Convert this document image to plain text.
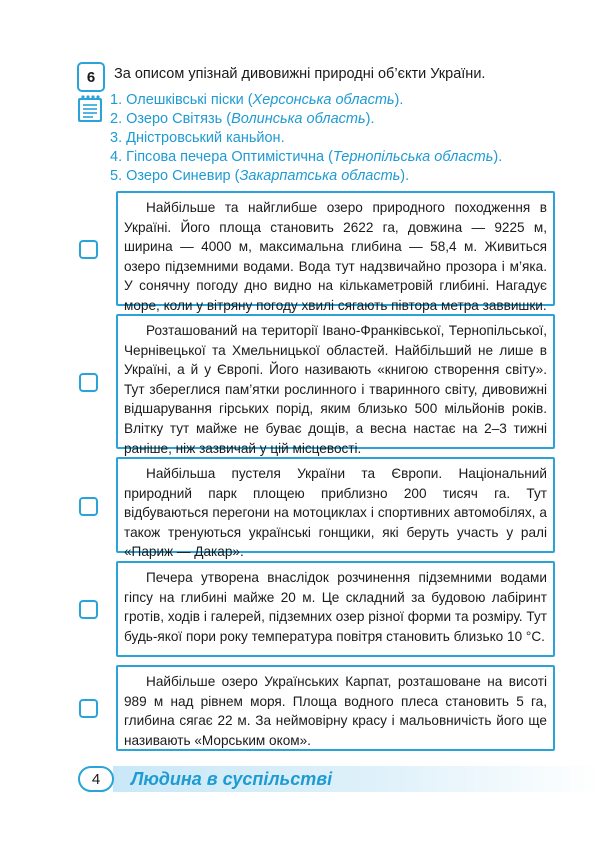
6 За описом упізнай дивовижні природні об’єкти України.
1. Олешківські піски (Херсонська область).
2. Озеро Світязь (Волинська область).
3. Дністровський каньйон.
4. Гіпсова печера Оптимістична (Тернопільська область).
5. Озеро Синевир (Закарпатська область).

Найбільше та найглибше озеро природного походження в Україні. Його площа становить 2622 га, довжина — 9225 м, ширина — 4000 м, максимальна глибина — 58,4 м. Живиться озеро підземними водами. Вода тут надзвичайно прозора і м’яка. У сонячну погоду дно видно на кількаметровій глибині. Нагадує море, коли у вітряну погоду хвилі сягають півтора метра заввишки.

Розташований на території Івано-Франківської, Тернопільської, Чернівецької та Хмельницької областей. Найбільший не лише в Україні, а й у Європі. Його називають «книгою створення світу». Тут збереглися пам’ятки рослинного і тваринного світу, дивовижні відшарування гірських порід, яким близько 500 мільйонів років. Влітку тут майже не буває дощів, а весна настає на 2–3 тижні раніше, ніж зазвичай у цій місцевості.

Найбільша пустеля України та Європи. Національний природний парк площею приблизно 200 тисяч га. Тут відбуваються перегони на мотоциклах і спортивних автомобілях, а також тренуються українські гонщики, які беруть участь у ралі «Париж — Дакар».

Печера утворена внаслідок розчинення підземними водами гіпсу на глибині майже 20 м. Це складний за будовою лабіринт гротів, ходів і галерей, підземних озер різної форми та розміру. Тут будь-якої пори року температура повітря становить близько 10 °С.

Найбільше озеро Українських Карпат, розташоване на висоті 989 м над рівнем моря. Площа водного плеса становить 5 га, глибина сягає 22 м. За неймовірну красу і мальовничість його ще називають «Морським оком».

4 Людина в суспільстві
